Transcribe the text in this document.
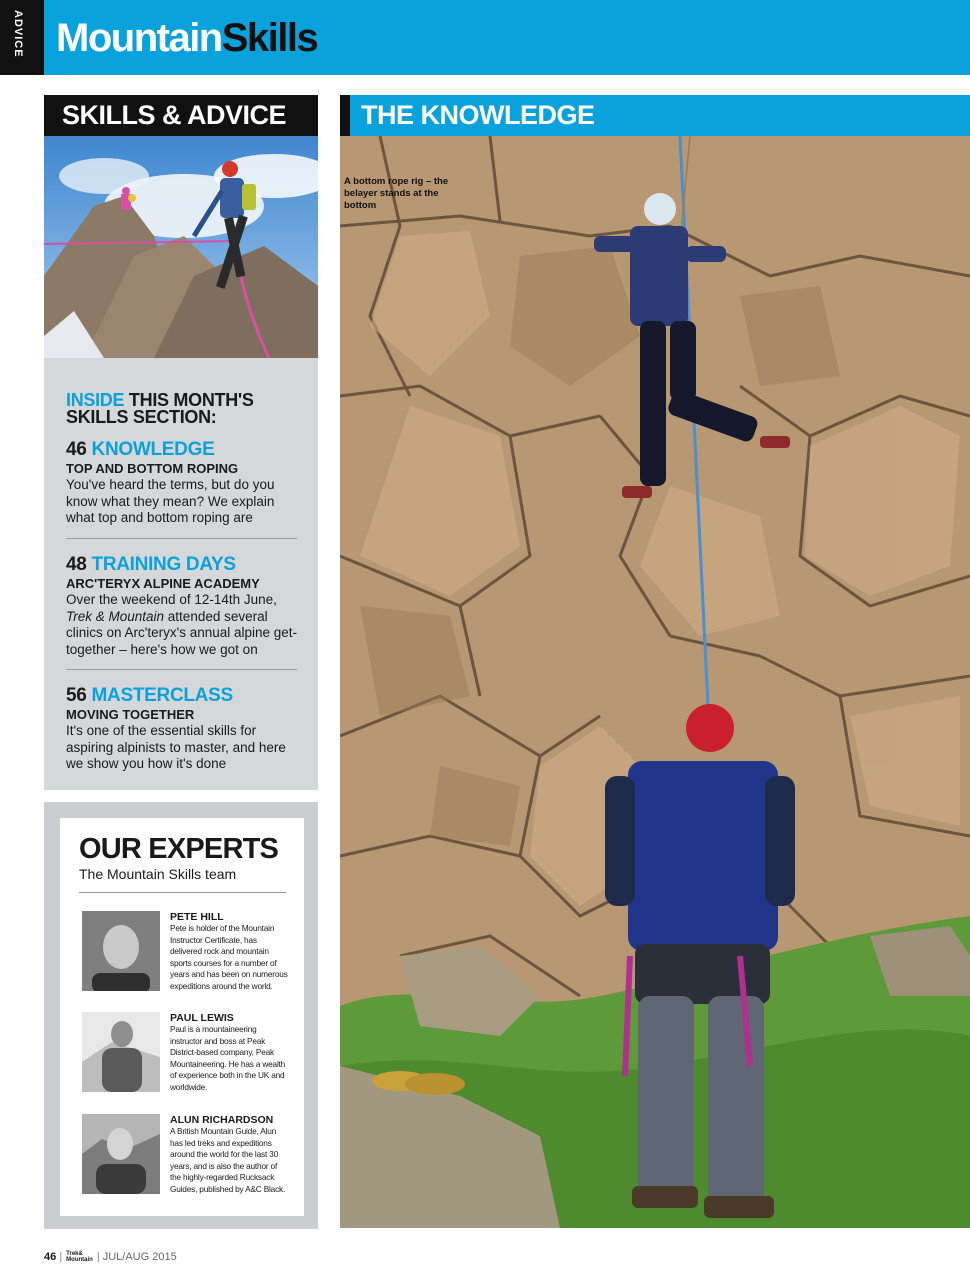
ADVICE MountainSkills
SKILLS & ADVICE	THE KNOWLEDGE
A bottom rope rig – the belayer stands at the bottom
INSIDE THIS MONTH'S SKILLS SECTION:
46 KNOWLEDGE
TOP AND BOTTOM ROPING
You've heard the terms, but do you know what they mean? We explain what top and bottom roping are
48 TRAINING DAYS
ARC'TERYX ALPINE ACADEMY
Over the weekend of 12-14th June, Trek & Mountain attended several clinics on Arc'teryx's annual alpine get-together – here's how we got on
56 MASTERCLASS
MOVING TOGETHER
It's one of the essential skills for aspiring alpinists to master, and here we show you how it's done
OUR EXPERTS
The Mountain Skills team
PETE HILL
Pete is holder of the Mountain Instructor Certificate, has delivered rock and mountain sports courses for a number of years and has been on numerous expeditions around the world.
PAUL LEWIS
Paul is a mountaineering instructor and boss at Peak District-based company, Peak Mountaineering. He has a wealth of experience both in the UK and worldwide.
ALUN RICHARDSON
A British Mountain Guide, Alun has led treks and expeditions around the world for the last 30 years, and is also the author of the highly-regarded Rucksack Guides, published by A&C Black.
46 | Trek&
Mountain | JUL/AUG 2015
